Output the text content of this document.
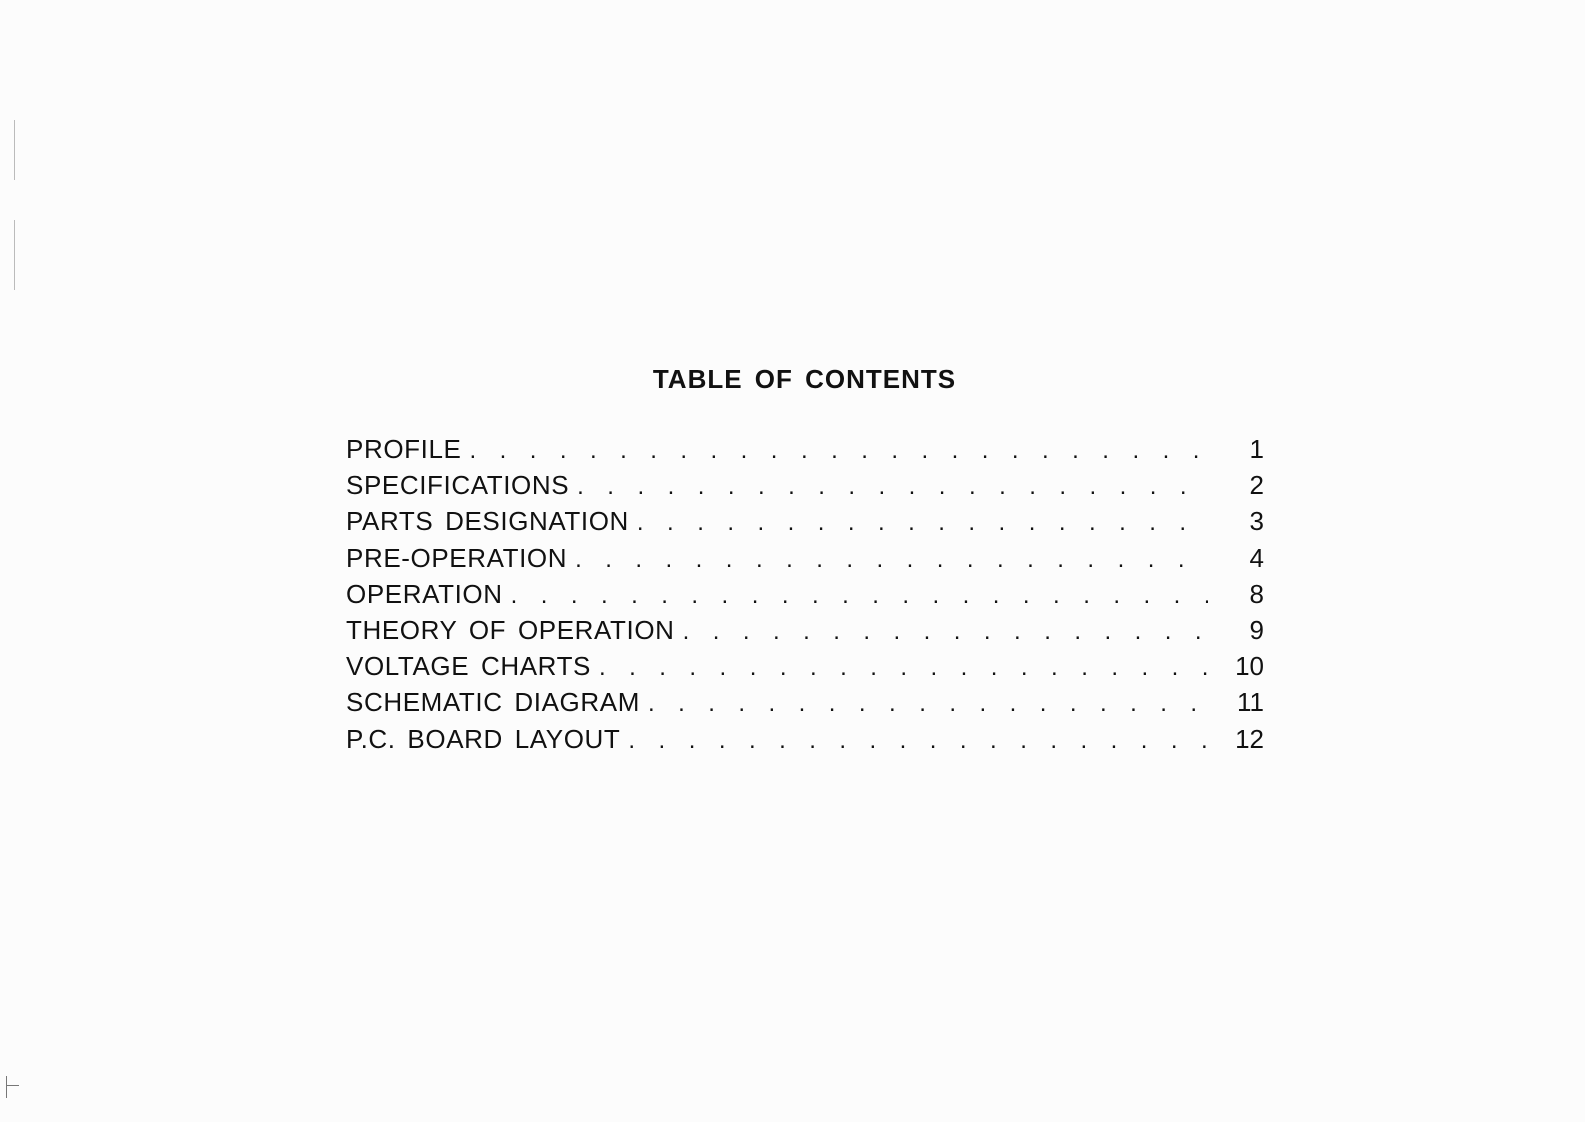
TABLE OF CONTENTS
PROFILE . . .	1
SPECIFICATIONS . . .	2
PARTS DESIGNATION . . .	3
PRE-OPERATION . . .	4
OPERATION . . .	8
THEORY OF OPERATION . . .	9
VOLTAGE CHARTS . . .	10
SCHEMATIC DIAGRAM . . .	11
P.C. BOARD LAYOUT . . .	12
